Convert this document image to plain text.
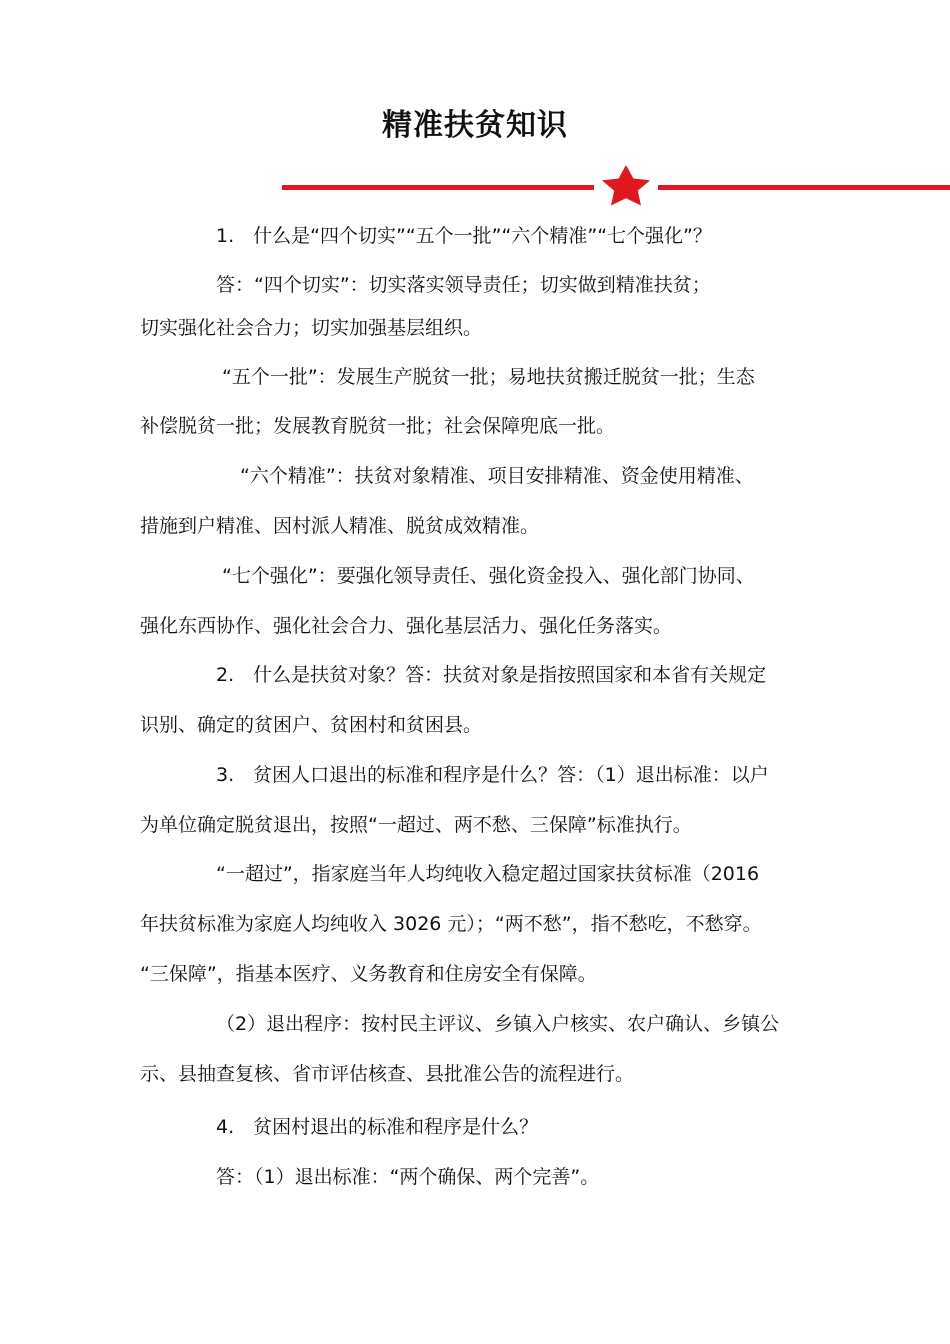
精准扶贫知识

1.　什么是“四个切实”“五个一批”“六个精准”“七个强化”？

答：“四个切实”：切实落实领导责任；切实做到精准扶贫；

切实强化社会合力；切实加强基层组织。

“五个一批”：发展生产脱贫一批；易地扶贫搬迁脱贫一批；生态

补偿脱贫一批；发展教育脱贫一批；社会保障兜底一批。

“六个精准”：扶贫对象精准、项目安排精准、资金使用精准、

措施到户精准、因村派人精准、脱贫成效精准。

“七个强化”：要强化领导责任、强化资金投入、强化部门协同、

强化东西协作、强化社会合力、强化基层活力、强化任务落实。

2.　什么是扶贫对象？答：扶贫对象是指按照国家和本省有关规定

识别、确定的贫困户、贫困村和贫困县。

3.　贫困人口退出的标准和程序是什么？答：（1）退出标准：以户

为单位确定脱贫退出，按照“一超过、两不愁、三保障”标准执行。

“一超过”，指家庭当年人均纯收入稳定超过国家扶贫标准（2016

年扶贫标准为家庭人均纯收入 3026 元）；“两不愁”，指不愁吃，不愁穿。

“三保障”，指基本医疗、义务教育和住房安全有保障。

（2）退出程序：按村民主评议、乡镇入户核实、农户确认、乡镇公

示、县抽查复核、省市评估核查、县批准公告的流程进行。

4.　贫困村退出的标准和程序是什么？

答：（1）退出标准：“两个确保、两个完善”。
